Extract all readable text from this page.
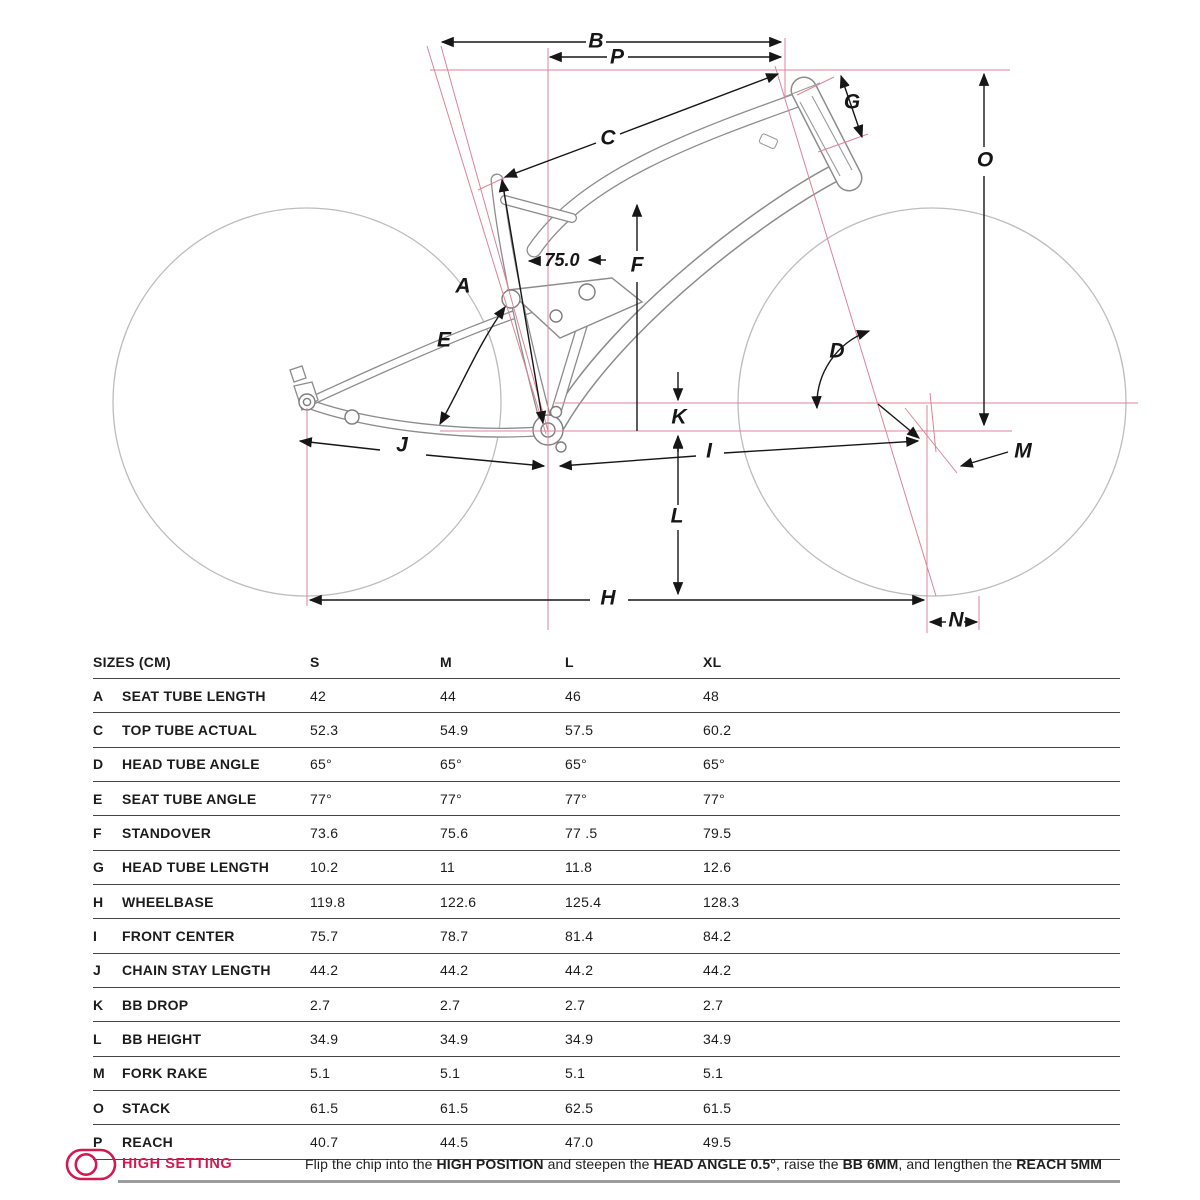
B
P
C
G
O
75.0 F
A
E	D
K
J	I	M
L
H
N
SIZES (CM)	S	M	L	XL
A	SEAT TUBE LENGTH	42	44	46	48
C	TOP TUBE ACTUAL	52.3	54.9	57.5	60.2
D	HEAD TUBE ANGLE	65°	65°	65°	65°
E	SEAT TUBE ANGLE	77°	77°	77°	77°
F	STANDOVER	73.6	75.6	77 .5	79.5
G	HEAD TUBE LENGTH	10.2	11	11.8	12.6
H	WHEELBASE	119.8	122.6	125.4	128.3
I	FRONT CENTER	75.7	78.7	81.4	84.2
J	CHAIN STAY LENGTH	44.2	44.2	44.2	44.2
K	BB DROP	2.7	2.7	2.7	2.7
L	BB HEIGHT	34.9	34.9	34.9	34.9
M	FORK RAKE	5.1	5.1	5.1	5.1
O	STACK	61.5	61.5	62.5	61.5
P	REACH	40.7	44.5	47.0	49.5
HIGH SETTING	Flip the chip into the HIGH POSITION and steepen the HEAD ANGLE 0.5°, raise the BB 6MM, and lengthen the REACH 5MM
